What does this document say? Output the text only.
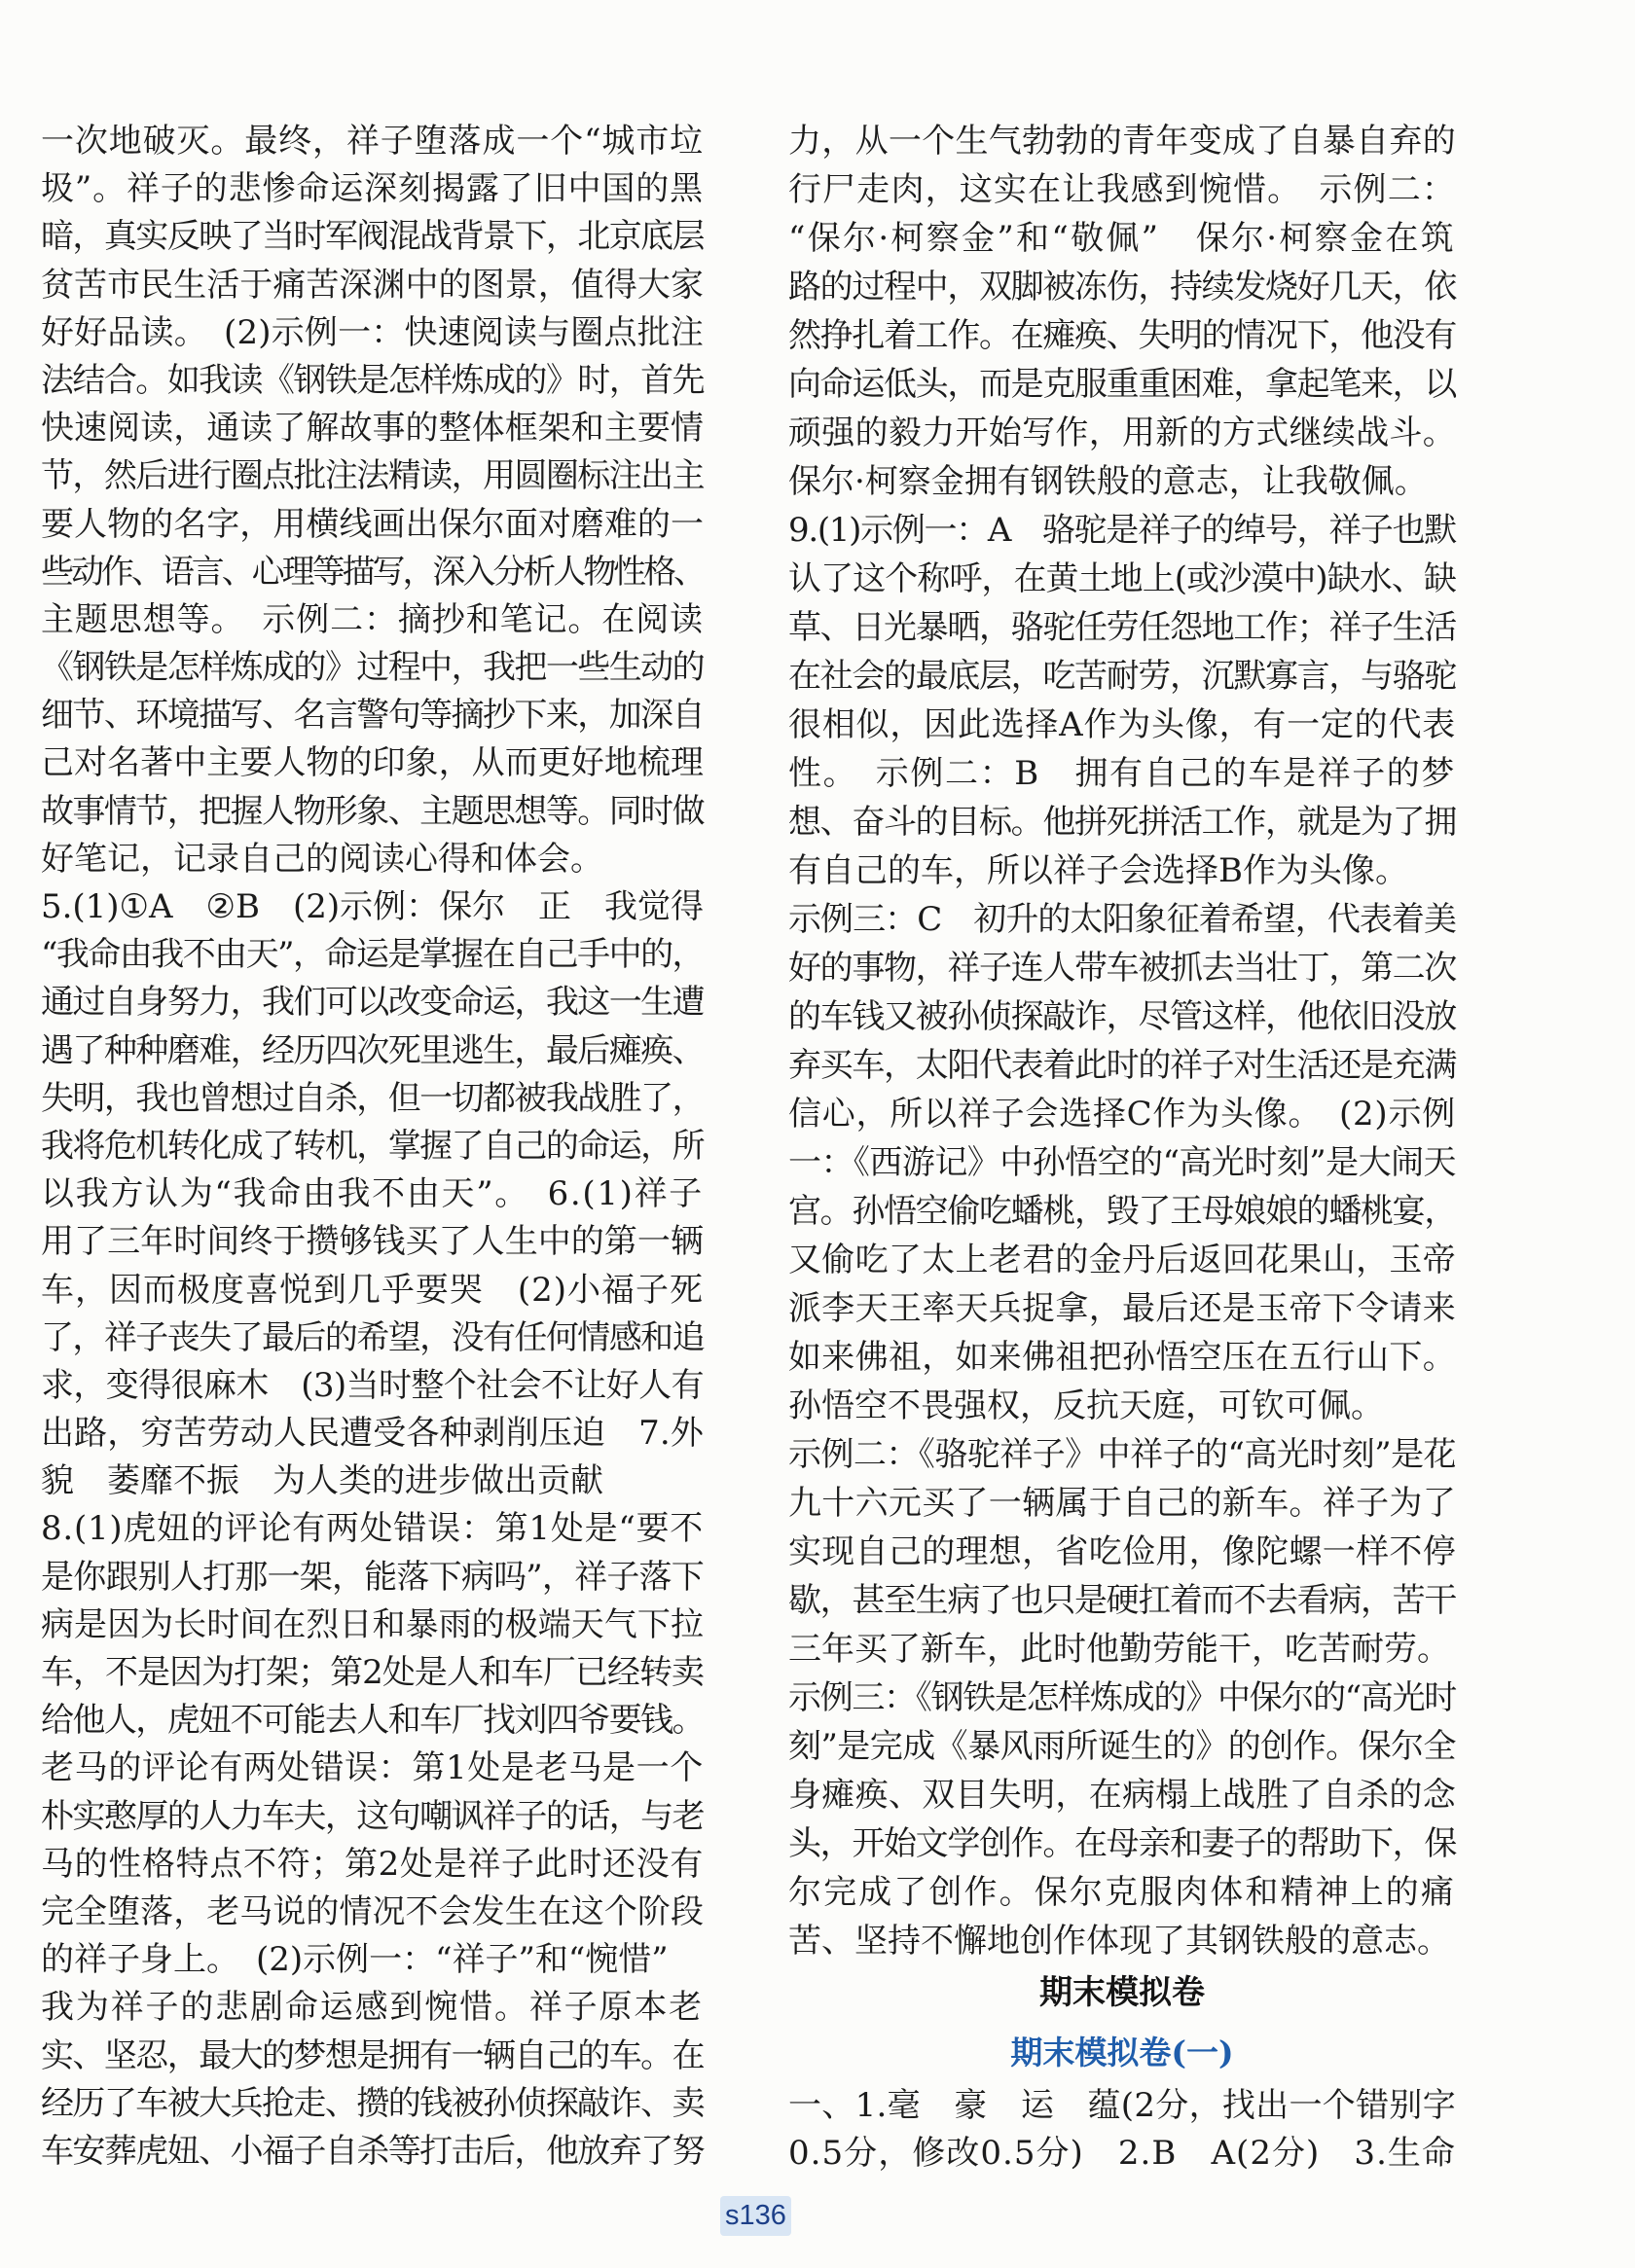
一次地破灭。最终，祥子堕落成一个“城市垃
圾”。祥子的悲惨命运深刻揭露了旧中国的黑
暗，真实反映了当时军阀混战背景下，北京底层
贫苦市民生活于痛苦深渊中的图景，值得大家
好好品读。　(2)示例一：快速阅读与圈点批注
法结合。如我读《钢铁是怎样炼成的》时，首先
快速阅读，通读了解故事的整体框架和主要情
节，然后进行圈点批注法精读，用圆圈标注出主
要人物的名字，用横线画出保尔面对磨难的一
些动作、语言、心理等描写，深入分析人物性格、
主题思想等。　示例二：摘抄和笔记。在阅读
《钢铁是怎样炼成的》过程中，我把一些生动的
细节、环境描写、名言警句等摘抄下来，加深自
己对名著中主要人物的印象，从而更好地梳理
故事情节，把握人物形象、主题思想等。同时做
好笔记，记录自己的阅读心得和体会。
5.(1)①A　②B　(2)示例：保尔　正　我觉得
“我命由我不由天”，命运是掌握在自己手中的，
通过自身努力，我们可以改变命运，我这一生遭
遇了种种磨难，经历四次死里逃生，最后瘫痪、
失明，我也曾想过自杀，但一切都被我战胜了，
我将危机转化成了转机，掌握了自己的命运，所
以我方认为“我命由我不由天”。　6.(1)祥子
用了三年时间终于攒够钱买了人生中的第一辆
车，因而极度喜悦到几乎要哭　(2)小福子死
了，祥子丧失了最后的希望，没有任何情感和追
求，变得很麻木　(3)当时整个社会不让好人有
出路，穷苦劳动人民遭受各种剥削压迫　7.外
貌　萎靡不振　为人类的进步做出贡献
8.(1)虎妞的评论有两处错误：第1处是“要不
是你跟别人打那一架，能落下病吗”，祥子落下
病是因为长时间在烈日和暴雨的极端天气下拉
车，不是因为打架；第2处是人和车厂已经转卖
给他人，虎妞不可能去人和车厂找刘四爷要钱。
老马的评论有两处错误：第1处是老马是一个
朴实憨厚的人力车夫，这句嘲讽祥子的话，与老
马的性格特点不符；第2处是祥子此时还没有
完全堕落，老马说的情况不会发生在这个阶段
的祥子身上。　(2)示例一：“祥子”和“惋惜”
我为祥子的悲剧命运感到惋惜。祥子原本老
实、坚忍，最大的梦想是拥有一辆自己的车。在
经历了车被大兵抢走、攒的钱被孙侦探敲诈、卖
车安葬虎妞、小福子自杀等打击后，他放弃了努
力，从一个生气勃勃的青年变成了自暴自弃的
行尸走肉，这实在让我感到惋惜。　示例二：
“保尔·柯察金”和“敬佩”　保尔·柯察金在筑
路的过程中，双脚被冻伤，持续发烧好几天，依
然挣扎着工作。在瘫痪、失明的情况下，他没有
向命运低头，而是克服重重困难，拿起笔来，以
顽强的毅力开始写作，用新的方式继续战斗。
保尔·柯察金拥有钢铁般的意志，让我敬佩。
9.(1)示例一：A　骆驼是祥子的绰号，祥子也默
认了这个称呼，在黄土地上(或沙漠中)缺水、缺
草、日光暴晒，骆驼任劳任怨地工作；祥子生活
在社会的最底层，吃苦耐劳，沉默寡言，与骆驼
很相似，因此选择A作为头像，有一定的代表
性。　示例二：B　拥有自己的车是祥子的梦
想、奋斗的目标。他拼死拼活工作，就是为了拥
有自己的车，所以祥子会选择B作为头像。
示例三：C　初升的太阳象征着希望，代表着美
好的事物，祥子连人带车被抓去当壮丁，第二次
的车钱又被孙侦探敲诈，尽管这样，他依旧没放
弃买车，太阳代表着此时的祥子对生活还是充满
信心，所以祥子会选择C作为头像。　(2)示例
一：《西游记》中孙悟空的“高光时刻”是大闹天
宫。孙悟空偷吃蟠桃，毁了王母娘娘的蟠桃宴，
又偷吃了太上老君的金丹后返回花果山，玉帝
派李天王率天兵捉拿，最后还是玉帝下令请来
如来佛祖，如来佛祖把孙悟空压在五行山下。
孙悟空不畏强权，反抗天庭，可钦可佩。
示例二：《骆驼祥子》中祥子的“高光时刻”是花
九十六元买了一辆属于自己的新车。祥子为了
实现自己的理想，省吃俭用，像陀螺一样不停
歇，甚至生病了也只是硬扛着而不去看病，苦干
三年买了新车，此时他勤劳能干，吃苦耐劳。
示例三：《钢铁是怎样炼成的》中保尔的“高光时
刻”是完成《暴风雨所诞生的》的创作。保尔全
身瘫痪、双目失明，在病榻上战胜了自杀的念
头，开始文学创作。在母亲和妻子的帮助下，保
尔完成了创作。保尔克服肉体和精神上的痛
苦、坚持不懈地创作体现了其钢铁般的意志。
期末模拟卷
期末模拟卷(一)
一、1.毫　豪　运　蕴(2分，找出一个错别字
0.5分，修改0.5分)　2.B　A(2分)　3.生命
s136
